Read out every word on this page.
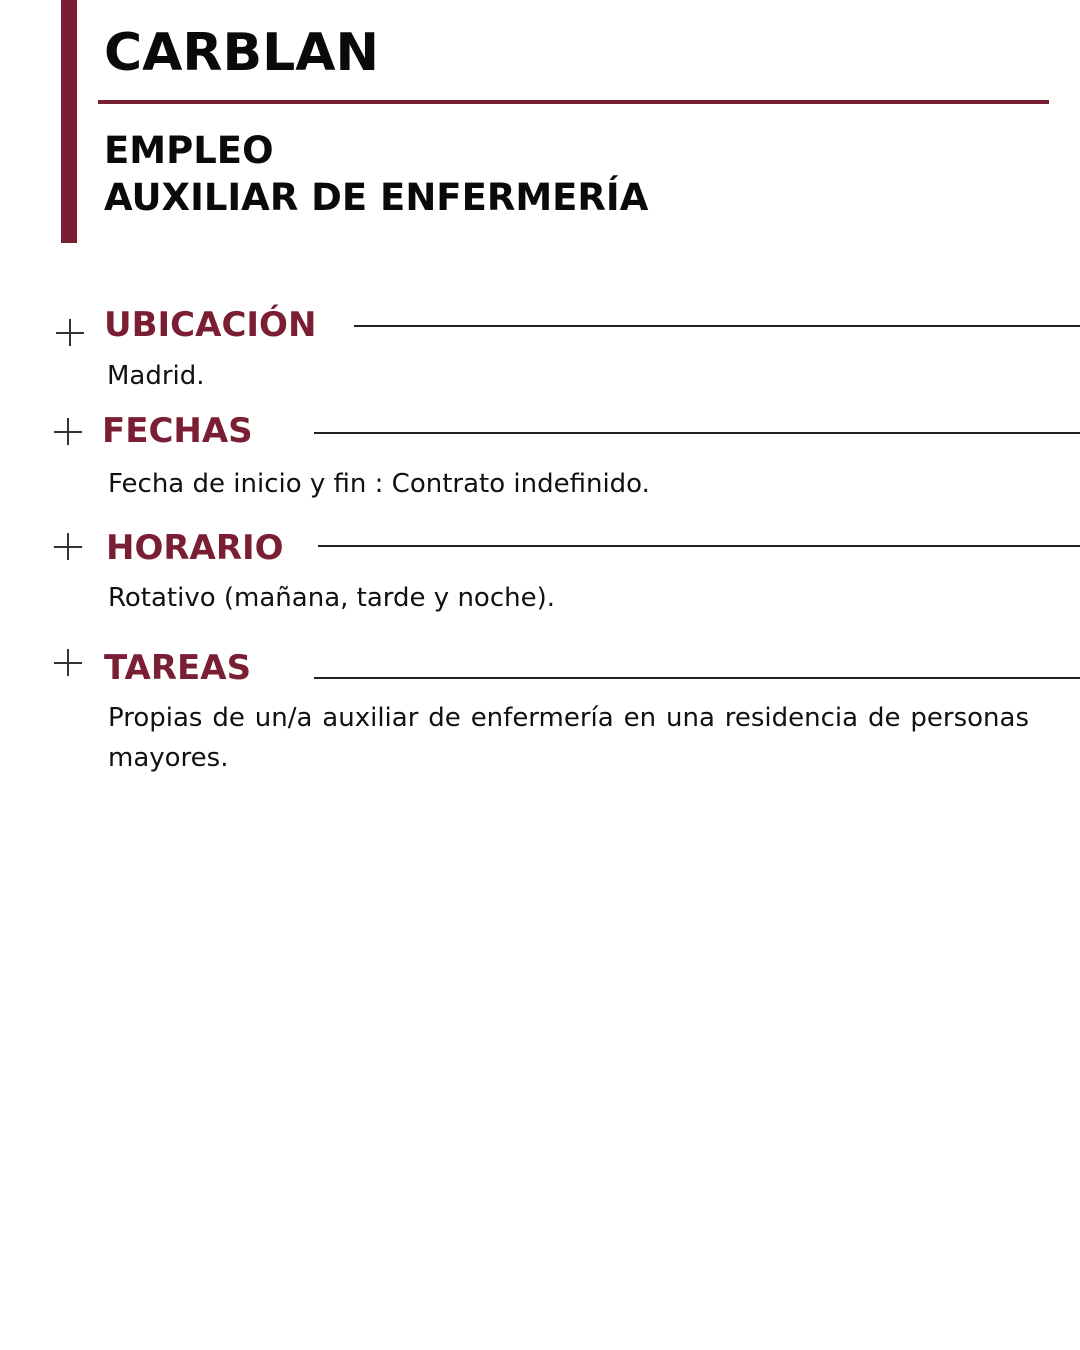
CARBLAN
EMPLEO
AUXILIAR DE ENFERMERÍA
UBICACIÓN
Madrid.
FECHAS
Fecha de inicio y fin : Contrato indefinido.
HORARIO
Rotativo (mañana, tarde y noche).
TAREAS
Propias de un/a auxiliar de enfermería en una residencia de personas mayores.
